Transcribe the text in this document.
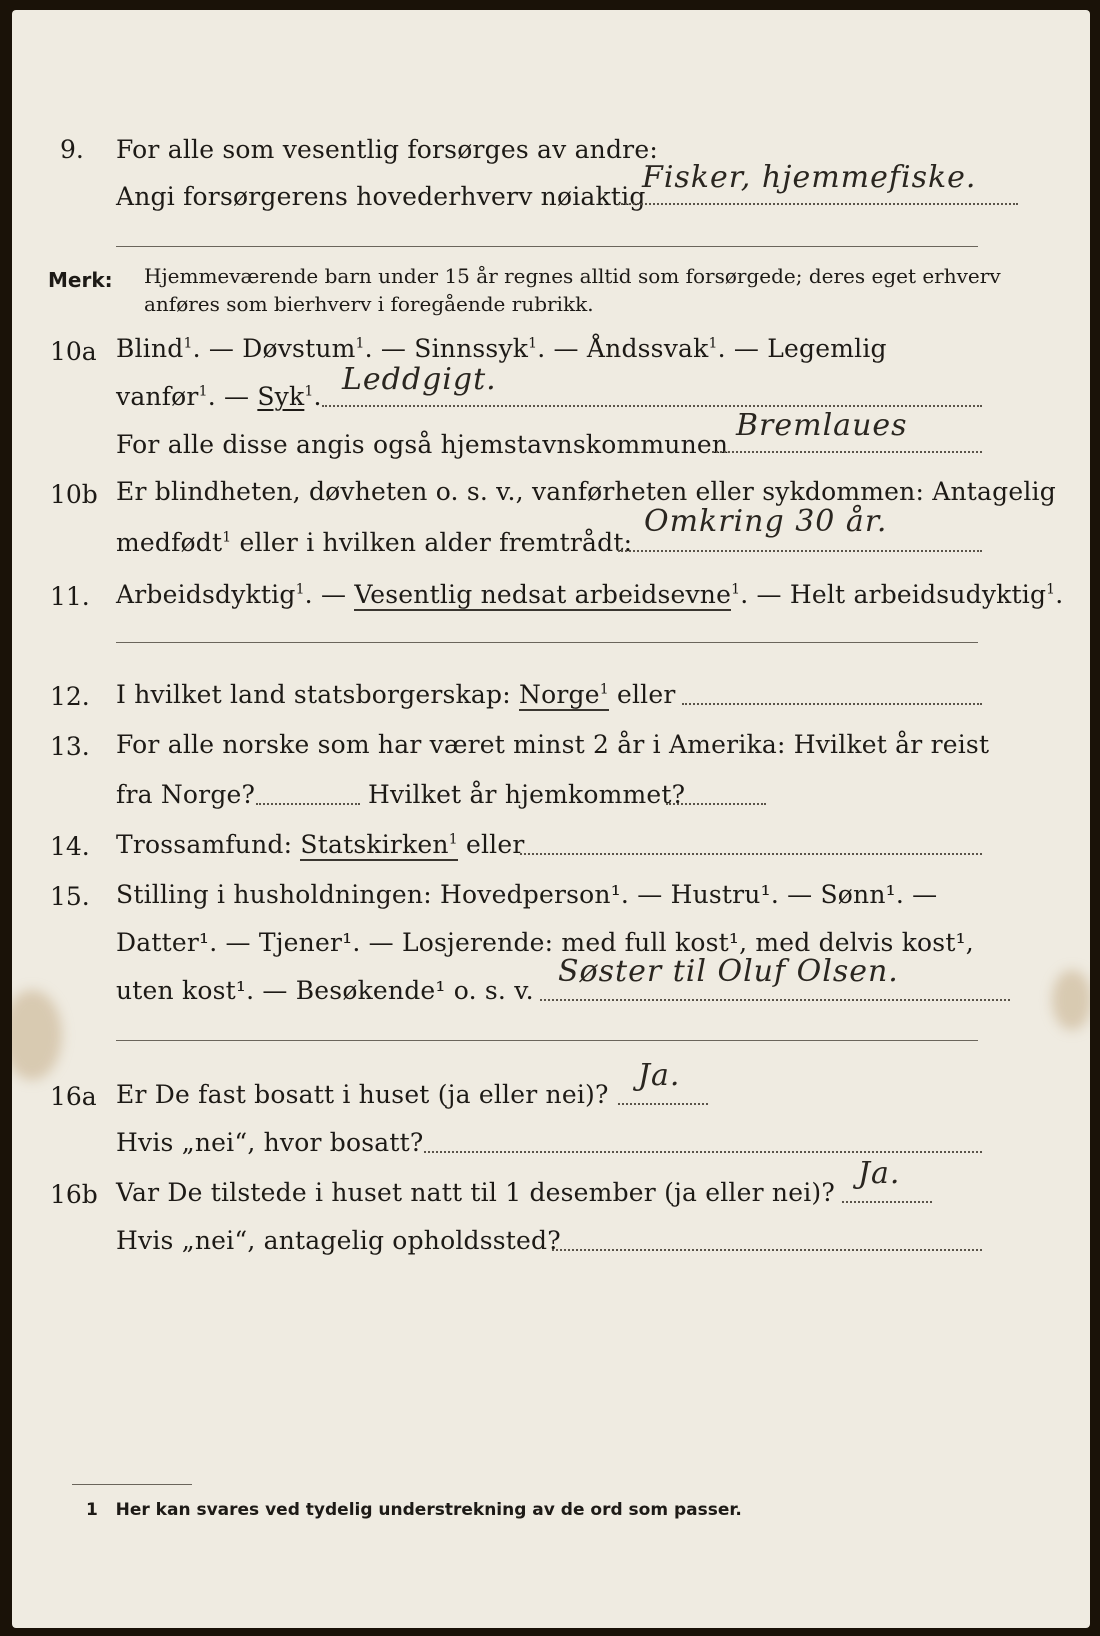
9. For alle som vesentlig forsørges av andre:
Angi forsørgerens hovederhverv nøiaktig
Fisker, hjemmefiske.
Merk: Hjemmeværende barn under 15 år regnes alltid som forsørgede; deres eget erhverv
anføres som bierhverv i foregående rubrikk.
10a Blind$^1$. — Døvstum$^1$. — Sinnssyk$^1$. — Åndssvak$^1$. — Legemlig
vanfør$^1$. — Syk$^1$. Leddgigt.
For alle disse angis også hjemstavnskommunen
Bremlaues
10b Er blindheten, døvheten o. s. v., vanførheten eller sykdommen: Antagelig
medfødt$^1$ eller i hvilken alder fremtrådt:
Omkring 30 år.
11. Arbeidsdyktig$^1$. — Vesentlig nedsat arbeidsevne$^1$. — Helt arbeidsudyktig$^1$.
12. I hvilket land statsborgerskap: Norge$^1$ eller
13. For alle norske som har været minst 2 år i Amerika: Hvilket år reist
fra Norge?	Hvilket år hjemkommet?
14. Trossamfund: Statskirken$^1$ eller
15. Stilling i husholdningen: Hovedperson¹. — Hustru¹. — Sønn¹. —
Datter¹. — Tjener¹. — Losjerende: med full kost¹, med delvis kost¹,
uten kost¹. — Besøkende¹ o. s. v.
Søster til Oluf Olsen.
16a Er De fast bosatt i huset (ja eller nei)?
Ja.
Hvis „nei“, hvor bosatt?
16b Var De tilstede i huset natt til 1 desember (ja eller nei)?
Ja.
Hvis „nei“, antagelig opholdssted?
1 Her kan svares ved tydelig understrekning av de ord som passer.
